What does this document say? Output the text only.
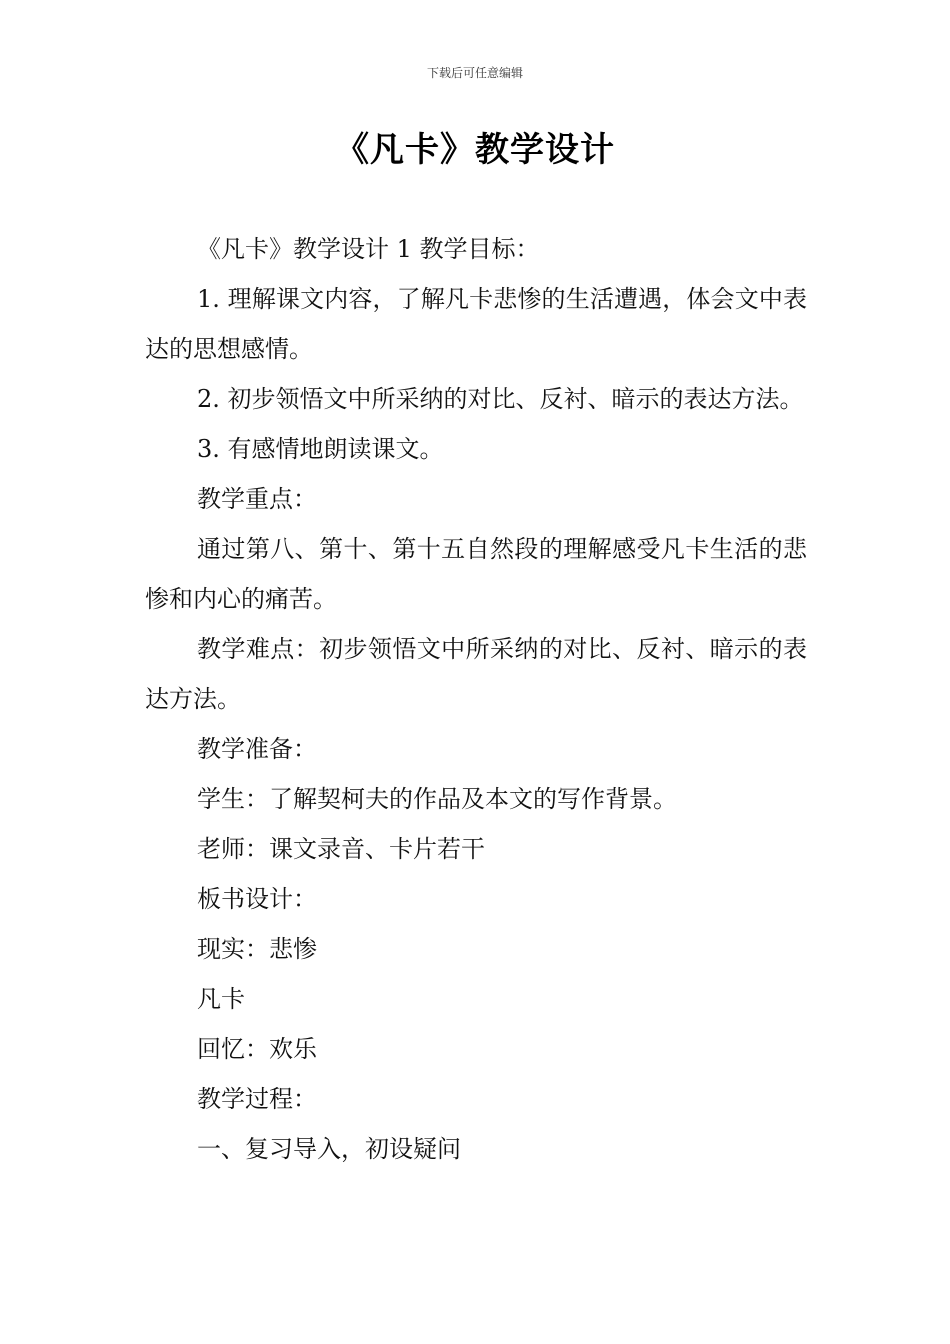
下载后可任意编辑
《凡卡》教学设计

《凡卡》教学设计 1 教学目标：

1. 理解课文内容，了解凡卡悲惨的生活遭遇，体会文中表达的思想感情。

2. 初步领悟文中所采纳的对比、反衬、暗示的表达方法。

3. 有感情地朗读课文。

教学重点：

通过第八、第十、第十五自然段的理解感受凡卡生活的悲惨和内心的痛苦。

教学难点：初步领悟文中所采纳的对比、反衬、暗示的表达方法。

教学准备：

学生：了解契柯夫的作品及本文的写作背景。

老师：课文录音、卡片若干

板书设计：

现实：悲惨

凡卡

回忆：欢乐

教学过程：

一、复习导入，初设疑问
